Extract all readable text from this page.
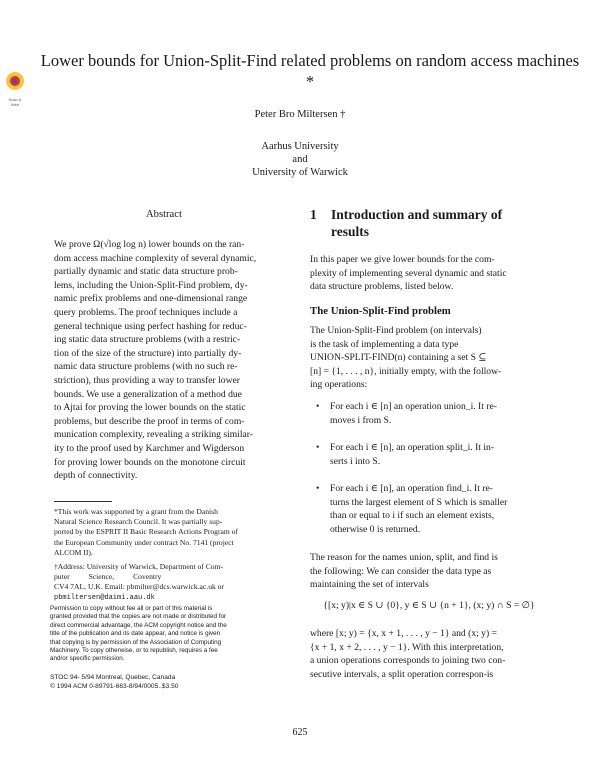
Scan & Web
Lower bounds for Union-Split-Find related problems on random access machines *
Peter Bro Miltersen †
Aarhus University
and
University of Warwick
Abstract
We prove Ω(√log log n) lower bounds on the ran-
dom access machine complexity of several dynamic,
partially dynamic and static data structure prob-
lems, including the Union-Split-Find problem, dy-
namic prefix problems and one-dimensional range
query problems. The proof techniques include a
general technique using perfect hashing for reduc-
ing static data structure problems (with a restric-
tion of the size of the structure) into partially dy-
namic data structure problems (with no such re-
striction), thus providing a way to transfer lower
bounds. We use a generalization of a method due
to Ajtai for proving the lower bounds on the static
problems, but describe the proof in terms of com-
munication complexity, revealing a striking similar-
ity to the proof used by Karchmer and Wigderson
for proving lower bounds on the monotone circuit
depth of connectivity.
*This work was supported by a grant from the Danish
Natural Science Research Council. It was partially sup-
ported by the ESPRIT II Basic Research Actions Program of
the European Community under contract No. 7141 (project
ALCOM II).
†Address: University of Warwick, Department of Com-
puter          Science,          Coventry
CV4 7AL, U.K. Email: pbmilter@dcs.warwick.ac.uk or
pbmiltersen@daimi.aau.dk
Permission to copy without fee all or part of this material is
granted provided that the copies are not made or distributed for
direct commercial advantage, the ACM copyright notice and the
title of the publication and its date appear, and notice is given
that copying is by permission of the Association of Computing
Machinery. To copy otherwise, or to republish, requires a fee
and/or specific permission.
STOC 94- 5/94 Montreal, Quebec, Canada
© 1994 ACM 0-89791-663-8/94/0005..$3.50
1 Introduction and summary of
results
In this paper we give lower bounds for the com-
plexity of implementing several dynamic and static
data structure problems, listed below.
The Union-Split-Find problem
The Union-Split-Find problem (on intervals)
is the task of implementing a data type
UNION-SPLIT-FIND(n) containing a set S ⊆
[n] = {1, . . . , n}, initially empty, with the follow-
ing operations:
• For each i ∈ [n] an operation union_i. It re-
moves i from S.
• For each i ∈ [n], an operation split_i. It in-
serts i into S.
• For each i ∈ [n], an operation find_i. It re-
turns the largest element of S which is smaller
than or equal to i if such an element exists,
otherwise 0 is returned.
The reason for the names union, split, and find is
the following: We can consider the data type as
maintaining the set of intervals
{[x; y)|x ∈ S ∪ {0}, y ∈ S ∪ {n + 1}, (x; y) ∩ S = ∅}
where [x; y) = {x, x + 1, . . . , y − 1} and (x; y) =
{x + 1, x + 2, . . . , y − 1}. With this interpretation,
a union operations corresponds to joining two con-
secutive intervals, a split operation correspon-is
625
